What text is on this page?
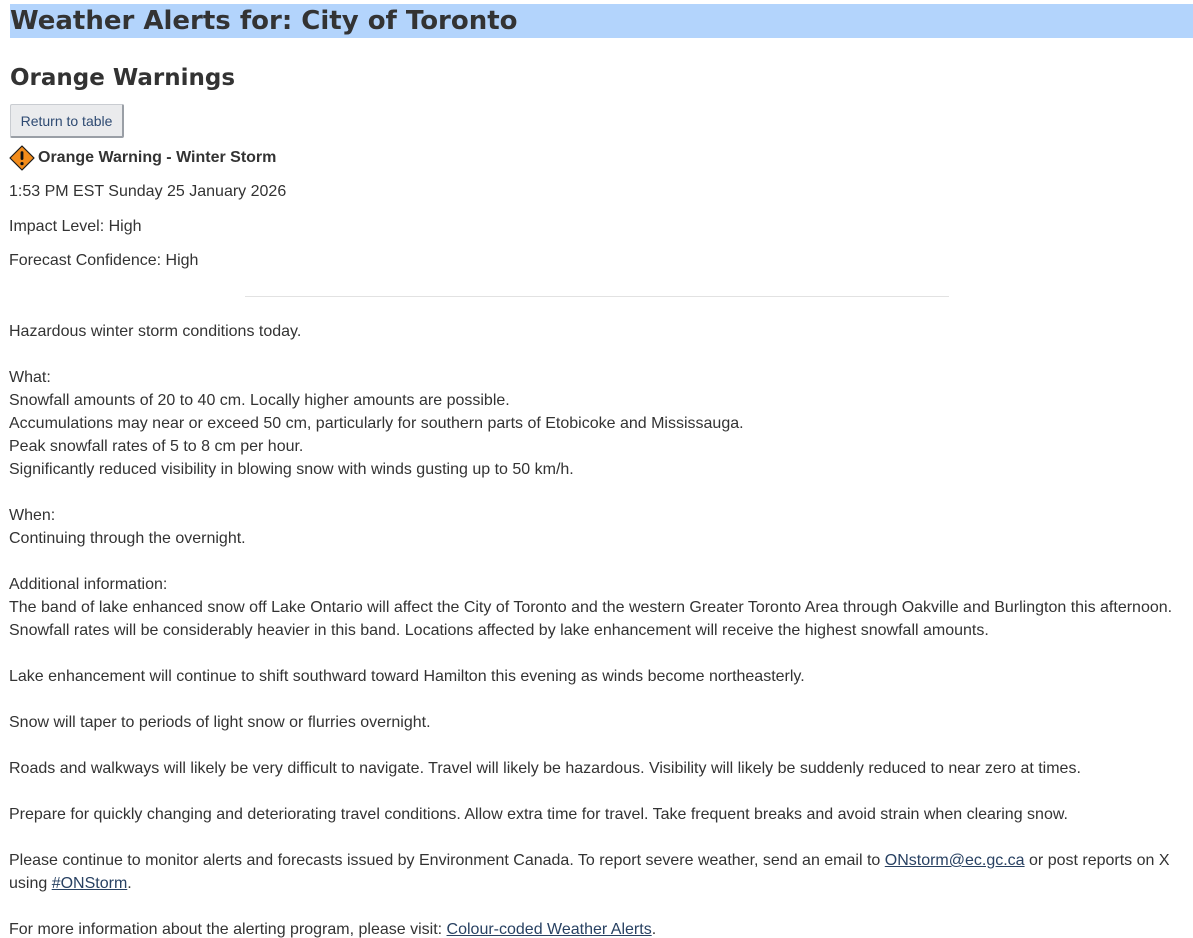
Weather Alerts for: City of Toronto
Orange Warnings
Return to table
Orange Warning - Winter Storm

1:53 PM EST Sunday 25 January 2026

Impact Level: High

Forecast Confidence: High

Hazardous winter storm conditions today.
What:
Snowfall amounts of 20 to 40 cm. Locally higher amounts are possible.
Accumulations may near or exceed 50 cm, particularly for southern parts of Etobicoke and Mississauga.
Peak snowfall rates of 5 to 8 cm per hour.
Significantly reduced visibility in blowing snow with winds gusting up to 50 km/h.
When:
Continuing through the overnight.
Additional information:
The band of lake enhanced snow off Lake Ontario will affect the City of Toronto and the western Greater Toronto Area through Oakville and Burlington this afternoon.
Snowfall rates will be considerably heavier in this band. Locations affected by lake enhancement will receive the highest snowfall amounts.
Lake enhancement will continue to shift southward toward Hamilton this evening as winds become northeasterly.
Snow will taper to periods of light snow or flurries overnight.
Roads and walkways will likely be very difficult to navigate. Travel will likely be hazardous. Visibility will likely be suddenly reduced to near zero at times.
Prepare for quickly changing and deteriorating travel conditions. Allow extra time for travel. Take frequent breaks and avoid strain when clearing snow.
Please continue to monitor alerts and forecasts issued by Environment Canada. To report severe weather, send an email to ONstorm@ec.gc.ca or post reports on X
using #ONStorm.
For more information about the alerting program, please visit: Colour-coded Weather Alerts.
